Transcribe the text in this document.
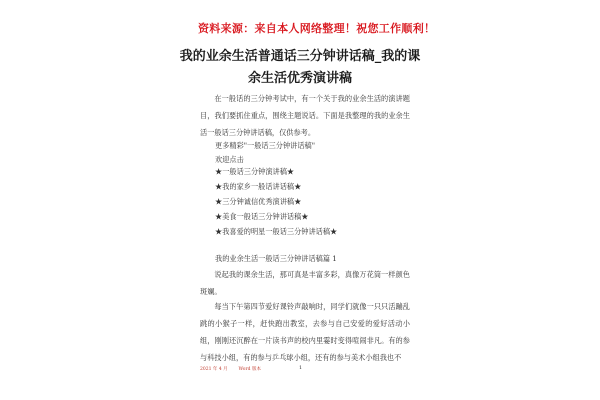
资料来源：来自本人网络整理！祝您工作顺利！
我的业余生活普通话三分钟讲话稿_我的课
余生活优秀演讲稿
在一般话的三分钟考试中，有一个关于我的业余生活的演讲题目，我们要抓住重点，围绕主题说话。下面是我整理的我的业余生活一般话三分钟讲话稿，仅供参考。
更多精彩"一般话三分钟讲话稿"
欢迎点击
★一般话三分钟演讲稿★
★我的家乡一般话讲话稿★
★三分钟诚信优秀演讲稿★
★美食一般话三分钟讲话稿★
★我喜爱的明星一般话三分钟讲话稿★
我的业余生活一般话三分钟讲话稿篇 1
说起我的课余生活，那可真是丰富多彩，真像万花筒一样颜色斑斓。
每当下午第四节爱好课铃声敲响时，同学们就像一只只活蹦乱跳的小猴子一样，赶快跑出教室，去参与自己安爱的爱好活动小组，刚刚还沉醉在一片读书声的校内里霎时变得喧闹非凡。有的参与科技小组，有的参与乒乓球小组，还有的参与美术小组我也不
2021 年 4 月 Word 版本	1
